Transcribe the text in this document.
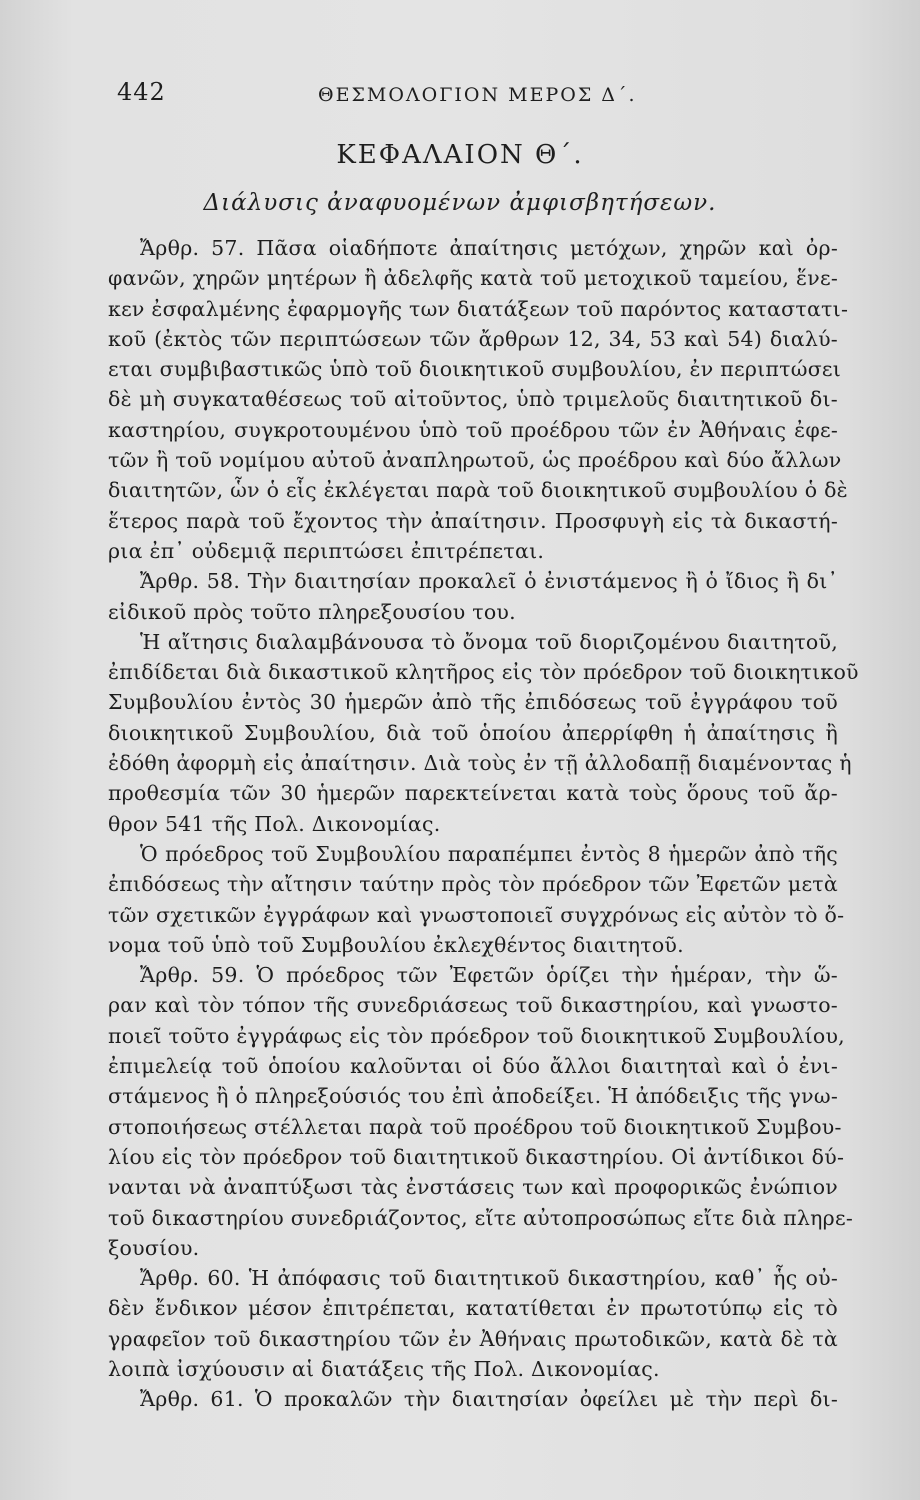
442	ΘΕΣΜΟΛΟΓΙΟΝ ΜΕΡΟΣ Δ΄.
ΚΕΦΑΛΑΙΟΝ Θ΄.
Διάλυσις ἀναφυομένων ἀμφισβητήσεων.
Ἄρθρ. 57. Πᾶσα οἱαδήποτε ἀπαίτησις μετόχων, χηρῶν καὶ ὀρ-
φανῶν, χηρῶν μητέρων ἢ ἀδελφῆς κατὰ τοῦ μετοχικοῦ ταμείου, ἕνε-
κεν ἐσφαλμένης ἐφαρμογῆς των διατάξεων τοῦ παρόντος καταστατι-
κοῦ (ἐκτὸς τῶν περιπτώσεων τῶν ἄρθρων 12, 34, 53 καὶ 54) διαλύ-
εται συμβιβαστικῶς ὑπὸ τοῦ διοικητικοῦ συμβουλίου, ἐν περιπτώσει
δὲ μὴ συγκαταθέσεως τοῦ αἰτοῦντος, ὑπὸ τριμελοῦς διαιτητικοῦ δι-
καστηρίου, συγκροτουμένου ὑπὸ τοῦ προέδρου τῶν ἐν Ἀθήναις ἐφε-
τῶν ἢ τοῦ νομίμου αὐτοῦ ἀναπληρωτοῦ, ὡς προέδρου καὶ δύο ἄλλων
διαιτητῶν, ὧν ὁ εἷς ἐκλέγεται παρὰ τοῦ διοικητικοῦ συμβουλίου ὁ δὲ
ἕτερος παρὰ τοῦ ἔχοντος τὴν ἀπαίτησιν. Προσφυγὴ εἰς τὰ δικαστή-
ρια ἐπ᾽ οὐδεμιᾷ περιπτώσει ἐπιτρέπεται.
Ἄρθρ. 58. Τὴν διαιτησίαν προκαλεῖ ὁ ἐνιστάμενος ἢ ὁ ἴδιος ἢ δι᾽
εἰδικοῦ πρὸς τοῦτο πληρεξουσίου του.
Ἡ αἴτησις διαλαμβάνουσα τὸ ὄνομα τοῦ διοριζομένου διαιτητοῦ,
ἐπιδίδεται διὰ δικαστικοῦ κλητῆρος εἰς τὸν πρόεδρον τοῦ διοικητικοῦ
Συμβουλίου ἐντὸς 30 ἡμερῶν ἀπὸ τῆς ἐπιδόσεως τοῦ ἐγγράφου τοῦ
διοικητικοῦ Συμβουλίου, διὰ τοῦ ὁποίου ἀπερρίφθη ἡ ἀπαίτησις ἢ
ἐδόθη ἀφορμὴ εἰς ἀπαίτησιν. Διὰ τοὺς ἐν τῇ ἀλλοδαπῇ διαμένοντας ἡ
προθεσμία τῶν 30 ἡμερῶν παρεκτείνεται κατὰ τοὺς ὅρους τοῦ ἄρ-
θρον 541 τῆς Πολ. Δικονομίας.
Ὁ πρόεδρος τοῦ Συμβουλίου παραπέμπει ἐντὸς 8 ἡμερῶν ἀπὸ τῆς
ἐπιδόσεως τὴν αἴτησιν ταύτην πρὸς τὸν πρόεδρον τῶν Ἐφετῶν μετὰ
τῶν σχετικῶν ἐγγράφων καὶ γνωστοποιεῖ συγχρόνως εἰς αὐτὸν τὸ ὄ-
νομα τοῦ ὑπὸ τοῦ Συμβουλίου ἐκλεχθέντος διαιτητοῦ.
Ἄρθρ. 59. Ὁ πρόεδρος τῶν Ἐφετῶν ὁρίζει τὴν ἡμέραν, τὴν ὥ-
ραν καὶ τὸν τόπον τῆς συνεδριάσεως τοῦ δικαστηρίου, καὶ γνωστο-
ποιεῖ τοῦτο ἐγγράφως εἰς τὸν πρόεδρον τοῦ διοικητικοῦ Συμβουλίου,
ἐπιμελείᾳ τοῦ ὁποίου καλοῦνται οἱ δύο ἄλλοι διαιτηταὶ καὶ ὁ ἐνι-
στάμενος ἢ ὁ πληρεξούσιός του ἐπὶ ἀποδείξει. Ἡ ἀπόδειξις τῆς γνω-
στοποιήσεως στέλλεται παρὰ τοῦ προέδρου τοῦ διοικητικοῦ Συμβου-
λίου εἰς τὸν πρόεδρον τοῦ διαιτητικοῦ δικαστηρίου. Οἱ ἀντίδικοι δύ-
νανται νὰ ἀναπτύξωσι τὰς ἐνστάσεις των καὶ προφορικῶς ἐνώπιον
τοῦ δικαστηρίου συνεδριάζοντος, εἴτε αὐτοπροσώπως εἴτε διὰ πληρε-
ξουσίου.
Ἄρθρ. 60. Ἡ ἀπόφασις τοῦ διαιτητικοῦ δικαστηρίου, καθ᾽ ἧς οὐ-
δὲν ἔνδικον μέσον ἐπιτρέπεται, κατατίθεται ἐν πρωτοτύπῳ εἰς τὸ
γραφεῖον τοῦ δικαστηρίου τῶν ἐν Ἀθήναις πρωτοδικῶν, κατὰ δὲ τὰ
λοιπὰ ἰσχύουσιν αἱ διατάξεις τῆς Πολ. Δικονομίας.
Ἄρθρ. 61. Ὁ προκαλῶν τὴν διαιτησίαν ὀφείλει μὲ τὴν περὶ δι-
